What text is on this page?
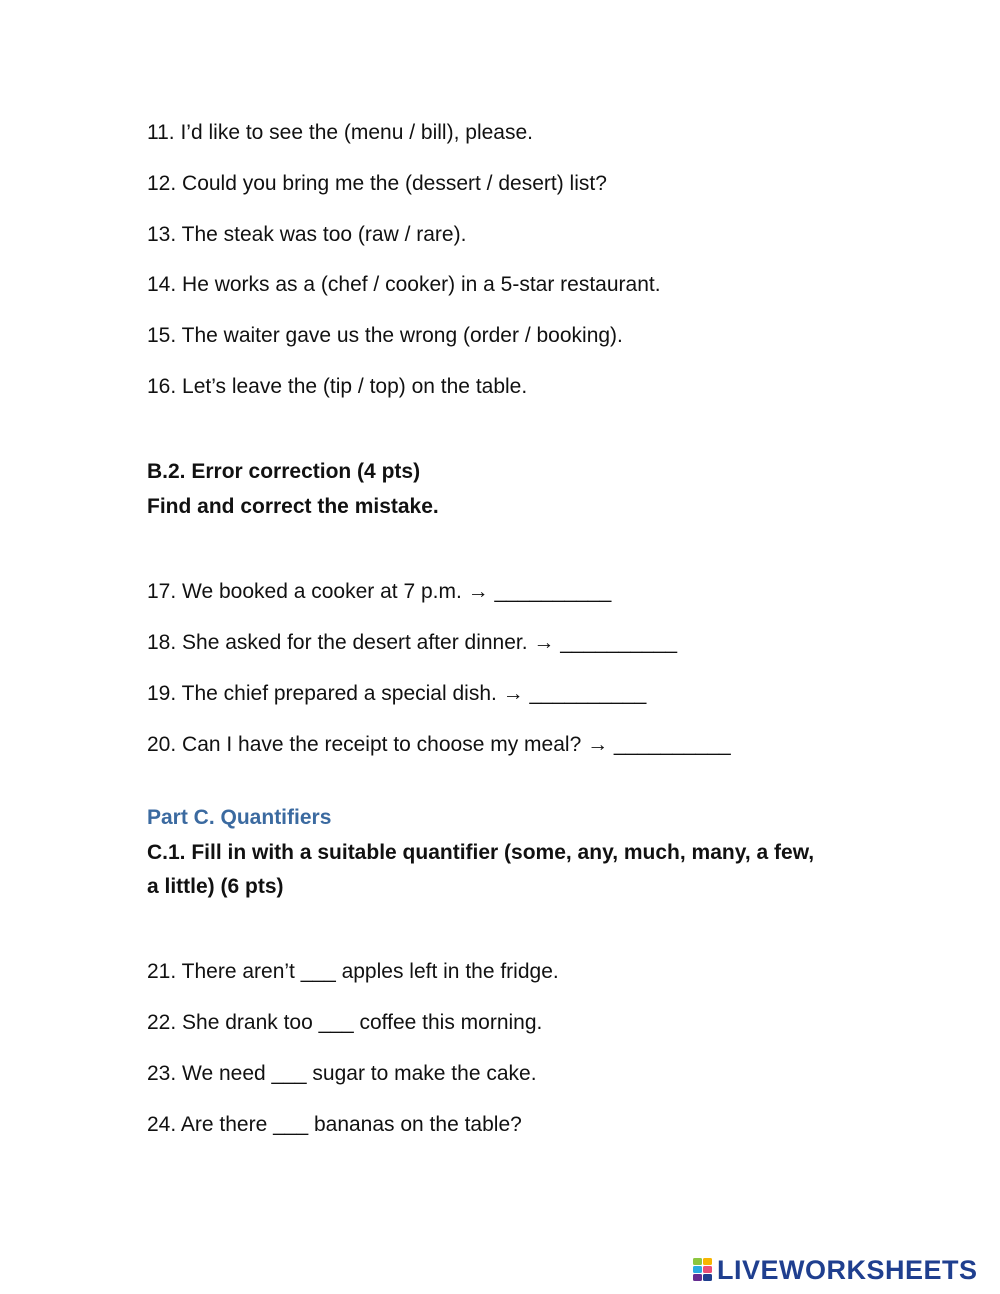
11. I’d like to see the (menu / bill), please.
12. Could you bring me the (dessert / desert) list?
13. The steak was too (raw / rare).
14. He works as a (chef / cooker) in a 5-star restaurant.
15. The waiter gave us the wrong (order / booking).
16. Let’s leave the (tip / top) on the table.
B.2. Error correction (4 pts)
Find and correct the mistake.
17. We booked a cooker at 7 p.m. → __________
18. She asked for the desert after dinner. → __________
19. The chief prepared a special dish. → __________
20. Can I have the receipt to choose my meal? → __________
Part C. Quantifiers
C.1. Fill in with a suitable quantifier (some, any, much, many, a few,
a little) (6 pts)
21. There aren’t ___ apples left in the fridge.
22. She drank too ___ coffee this morning.
23. We need ___ sugar to make the cake.
24. Are there ___ bananas on the table?
LIVEWORKSHEETS
